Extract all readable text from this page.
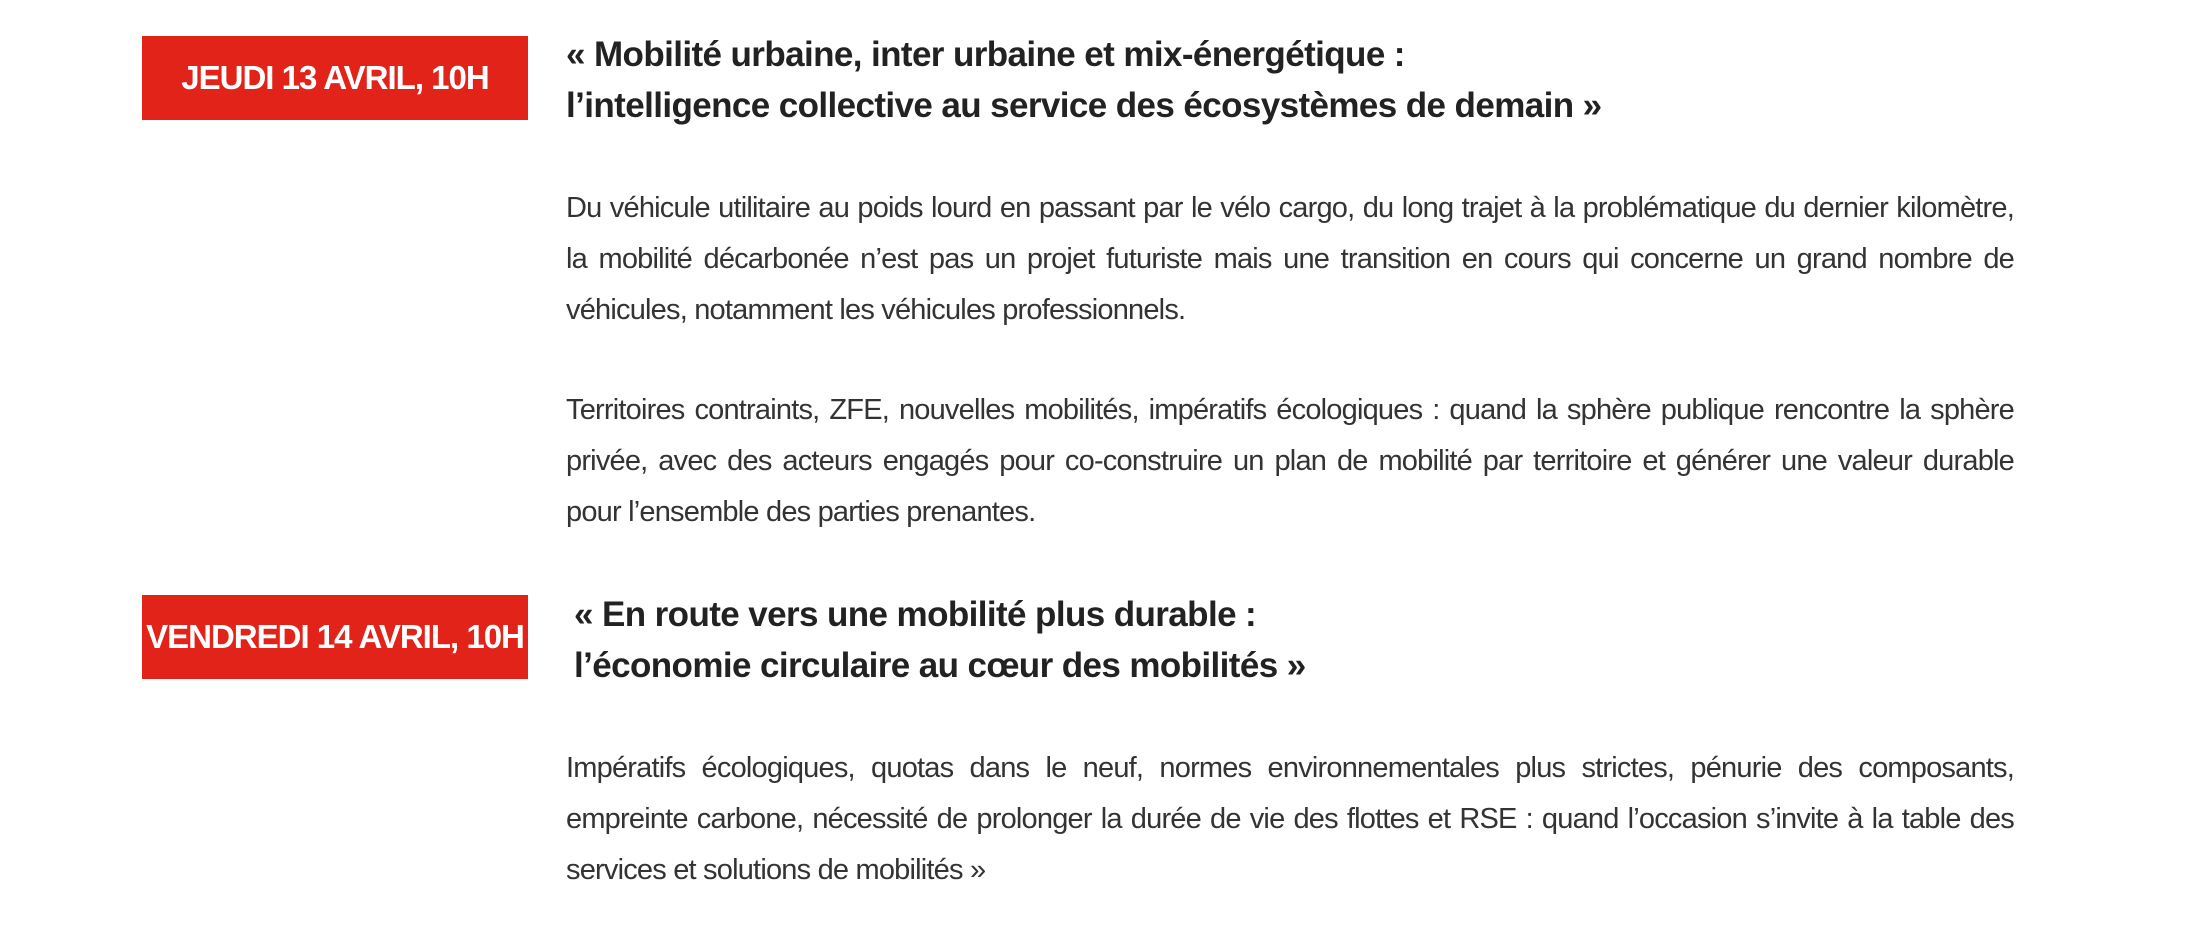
JEUDI 13 AVRIL, 10H
« Mobilité urbaine, inter urbaine et mix-énergétique :
l’intelligence collective au service des écosystèmes de demain »

Du véhicule utilitaire au poids lourd en passant par le vélo cargo, du long trajet à la problématique du dernier kilomètre, la mobilité décarbonée n’est pas un projet futuriste mais une transition en cours qui concerne un grand nombre de véhicules, notamment les véhicules professionnels.

Territoires contraints, ZFE, nouvelles mobilités, impératifs écologiques : quand la sphère publique rencontre la sphère privée, avec des acteurs engagés pour co-construire un plan de mobilité par territoire et générer une valeur durable pour l’ensemble des parties prenantes.

VENDREDI 14 AVRIL, 10H
« En route vers une mobilité plus durable :
l’économie circulaire au cœur des mobilités »

Impératifs écologiques, quotas dans le neuf, normes environnementales plus strictes, pénurie des composants, empreinte carbone, nécessité de prolonger la durée de vie des flottes et RSE : quand l’occasion s’invite à la table des services et solutions de mobilités »
